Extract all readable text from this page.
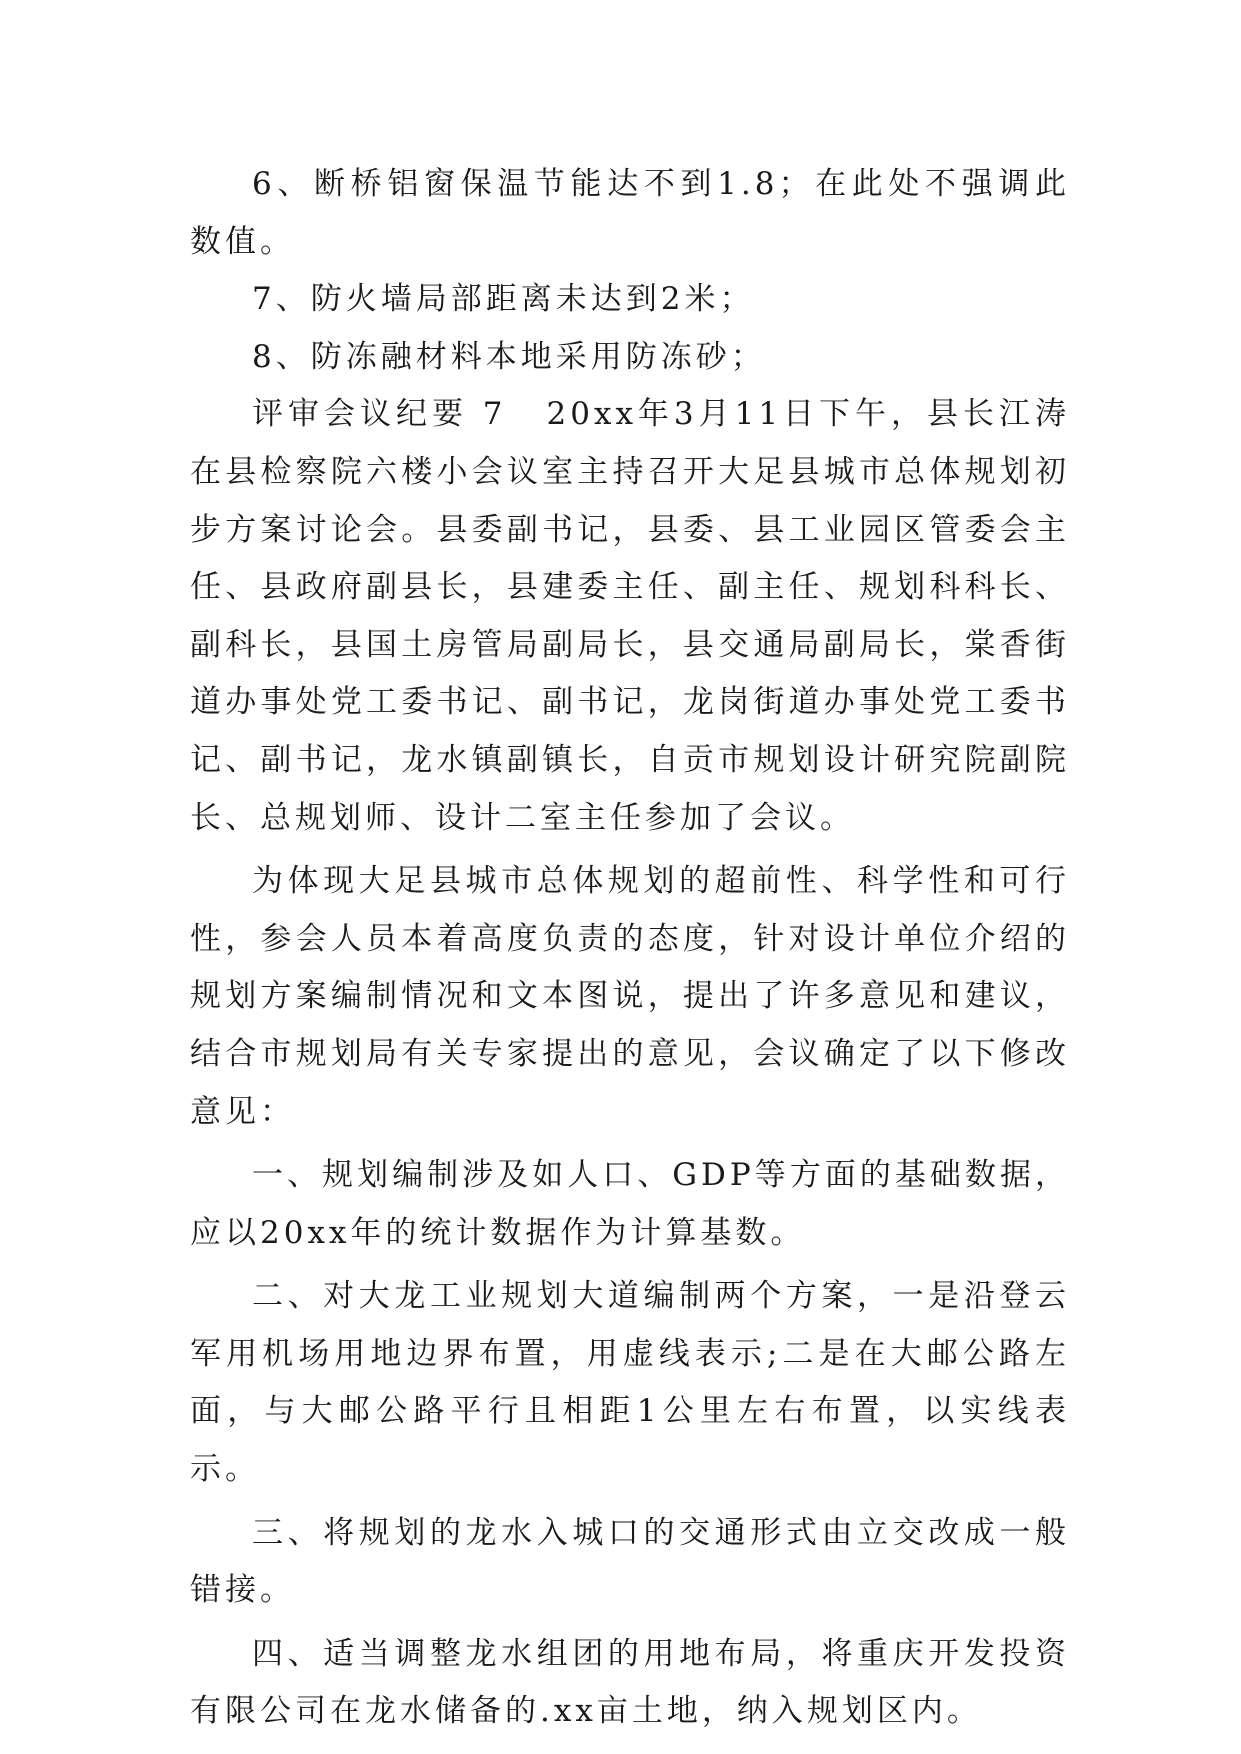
6、断桥铝窗保温节能达不到1.8；在此处不强调此数值。

7、防火墙局部距离未达到2米；

8、防冻融材料本地采用防冻砂；

评审会议纪要 7 20xx年3月11日下午，县长江涛在县检察院六楼小会议室主持召开大足县城市总体规划初步方案讨论会。县委副书记，县委、县工业园区管委会主任、县政府副县长，县建委主任、副主任、规划科科长、副科长，县国土房管局副局长，县交通局副局长，棠香街道办事处党工委书记、副书记，龙岗街道办事处党工委书记、副书记，龙水镇副镇长，自贡市规划设计研究院副院长、总规划师、设计二室主任参加了会议。

为体现大足县城市总体规划的超前性、科学性和可行性，参会人员本着高度负责的态度，针对设计单位介绍的规划方案编制情况和文本图说，提出了许多意见和建议，结合市规划局有关专家提出的意见，会议确定了以下修改意见：

一、规划编制涉及如人口、GDP等方面的基础数据，应以20xx年的统计数据作为计算基数。

二、对大龙工业规划大道编制两个方案，一是沿登云军用机场用地边界布置，用虚线表示;二是在大邮公路左面，与大邮公路平行且相距1公里左右布置，以实线表示。

三、将规划的龙水入城口的交通形式由立交改成一般错接。

四、适当调整龙水组团的用地布局，将重庆开发投资有限公司在龙水储备的.xx亩土地，纳入规划区内。
